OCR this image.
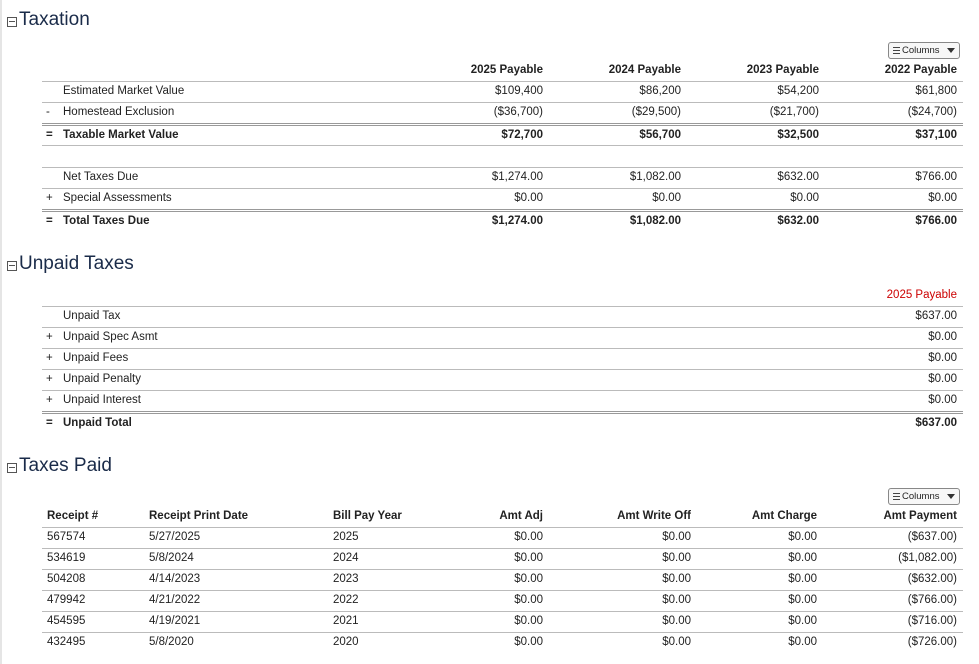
Taxation
Columns
2025 Payable	2024 Payable	2023 Payable	2022 Payable
Estimated Market Value	$109,400	$86,200	$54,200	$61,800
- Homestead Exclusion	($36,700)	($29,500)	($21,700)	($24,700)
= Taxable Market Value	$72,700	$56,700	$32,500	$37,100
Net Taxes Due	$1,274.00	$1,082.00	$632.00	$766.00
+ Special Assessments	$0.00	$0.00	$0.00	$0.00
= Total Taxes Due	$1,274.00	$1,082.00	$632.00	$766.00
Unpaid Taxes
2025 Payable
Unpaid Tax	$637.00
+ Unpaid Spec Asmt	$0.00
+ Unpaid Fees	$0.00
+ Unpaid Penalty	$0.00
+ Unpaid Interest	$0.00
= Unpaid Total	$637.00
Taxes Paid
Columns
Receipt #	Receipt Print Date	Bill Pay Year	Amt Adj	Amt Write Off	Amt Charge	Amt Payment
567574	5/27/2025	2025	$0.00	$0.00	$0.00	($637.00)
534619	5/8/2024	2024	$0.00	$0.00	$0.00	($1,082.00)
504208	4/14/2023	2023	$0.00	$0.00	$0.00	($632.00)
479942	4/21/2022	2022	$0.00	$0.00	$0.00	($766.00)
454595	4/19/2021	2021	$0.00	$0.00	$0.00	($716.00)
432495	5/8/2020	2020	$0.00	$0.00	$0.00	($726.00)
